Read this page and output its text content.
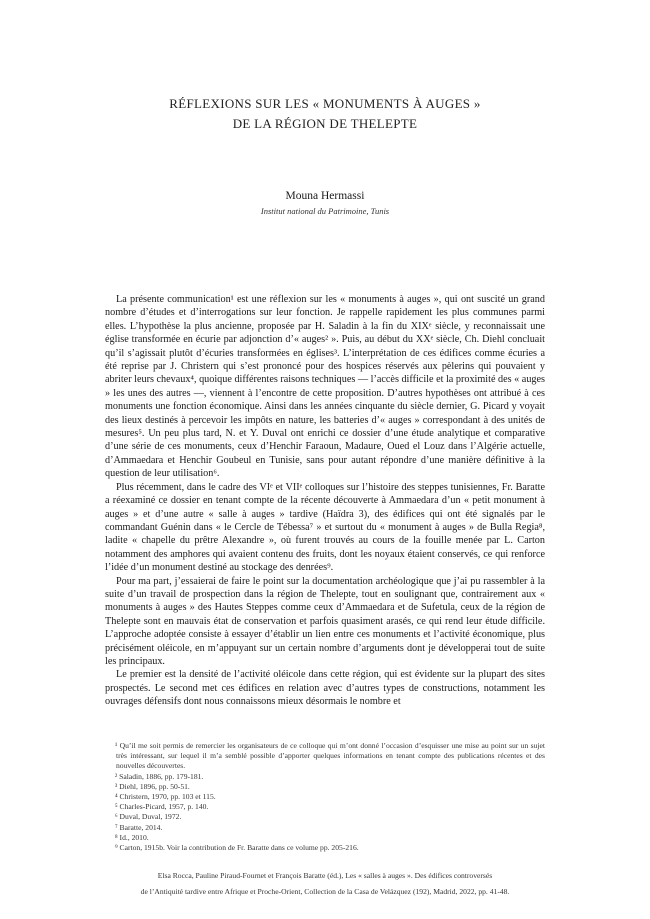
RÉFLEXIONS SUR LES « MONUMENTS À AUGES »
DE LA RÉGION DE THELEPTE
Mouna Hermassi
Institut national du Patrimoine, Tunis

La présente communication¹ est une réflexion sur les « monuments à auges », qui ont suscité un grand nombre d’études et d’interrogations sur leur fonction. Je rappelle rapidement les plus communes parmi elles. L’hypothèse la plus ancienne, proposée par H. Saladin à la fin du XIXᵉ siècle, y reconnaissait une église transformée en écurie par adjonction d’« auges² ». Puis, au début du XXᵉ siècle, Ch. Diehl concluait qu’il s’agissait plutôt d’écuries transformées en églises³. L’interprétation de ces édifices comme écuries a été reprise par J. Christern qui s’est prononcé pour des hospices réservés aux pèlerins qui pouvaient y abriter leurs chevaux⁴, quoique différentes raisons techniques — l’accès difficile et la proximité des « auges » les unes des autres —, viennent à l’encontre de cette proposition. D’autres hypothèses ont attribué à ces monuments une fonction économique. Ainsi dans les années cinquante du siècle dernier, G. Picard y voyait des lieux destinés à percevoir les impôts en nature, les batteries d’« auges » correspondant à des unités de mesures⁵. Un peu plus tard, N. et Y. Duval ont enrichi ce dossier d’une étude analytique et comparative d’une série de ces monuments, ceux d’Henchir Faraoun, Madaure, Oued el Louz dans l’Algérie actuelle, d’Ammaedara et Henchir Goubeul en Tunisie, sans pour autant répondre d’une manière définitive à la question de leur utilisation⁶.

Plus récemment, dans le cadre des VIᵉ et VIIᵉ colloques sur l’histoire des steppes tunisiennes, Fr. Baratte a réexaminé ce dossier en tenant compte de la récente découverte à Ammaedara d’un « petit monument à auges » et d’une autre « salle à auges » tardive (Haïdra 3), des édifices qui ont été signalés par le commandant Guénin dans « le Cercle de Tébessa⁷ » et surtout du « monument à auges » de Bulla Regia⁸, ladite « chapelle du prêtre Alexandre », où furent trouvés au cours de la fouille menée par L. Carton notamment des amphores qui avaient contenu des fruits, dont les noyaux étaient conservés, ce qui renforce l’idée d’un monument destiné au stockage des denrées⁹.

Pour ma part, j’essaierai de faire le point sur la documentation archéologique que j’ai pu rassembler à la suite d’un travail de prospection dans la région de Thelepte, tout en soulignant que, contrairement aux « monuments à auges » des Hautes Steppes comme ceux d’Ammaedara et de Sufetula, ceux de la région de Thelepte sont en mauvais état de conservation et parfois quasiment arasés, ce qui rend leur étude difficile. L’approche adoptée consiste à essayer d’établir un lien entre ces monuments et l’activité économique, plus précisément oléicole, en m’appuyant sur un certain nombre d’arguments dont je développerai tout de suite les principaux.

Le premier est la densité de l’activité oléicole dans cette région, qui est évidente sur la plupart des sites prospectés. Le second met ces édifices en relation avec d’autres types de constructions, notamment les ouvrages défensifs dont nous connaissons mieux désormais le nombre et

¹ Qu’il me soit permis de remercier les organisateurs de ce colloque qui m’ont donné l’occasion d’esquisser une mise au point sur un sujet très intéressant, sur lequel il m’a semblé possible d’apporter quelques informations en tenant compte des publications récentes et des nouvelles découvertes.
² Saladin, 1886, pp. 179-181.
³ Diehl, 1896, pp. 50-51.
⁴ Christern, 1970, pp. 103 et 115.
⁵ Charles-Picard, 1957, p. 140.
⁶ Duval, Duval, 1972.
⁷ Baratte, 2014.
⁸ Id., 2010.
⁹ Carton, 1915b. Voir la contribution de Fr. Baratte dans ce volume pp. 205-216.
Elsa Rocca, Pauline Piraud-Fournet et François Baratte (éd.), Les « salles à auges ». Des édifices controversés
de l’Antiquité tardive entre Afrique et Proche-Orient, Collection de la Casa de Velázquez (192), Madrid, 2022, pp. 41-48.
